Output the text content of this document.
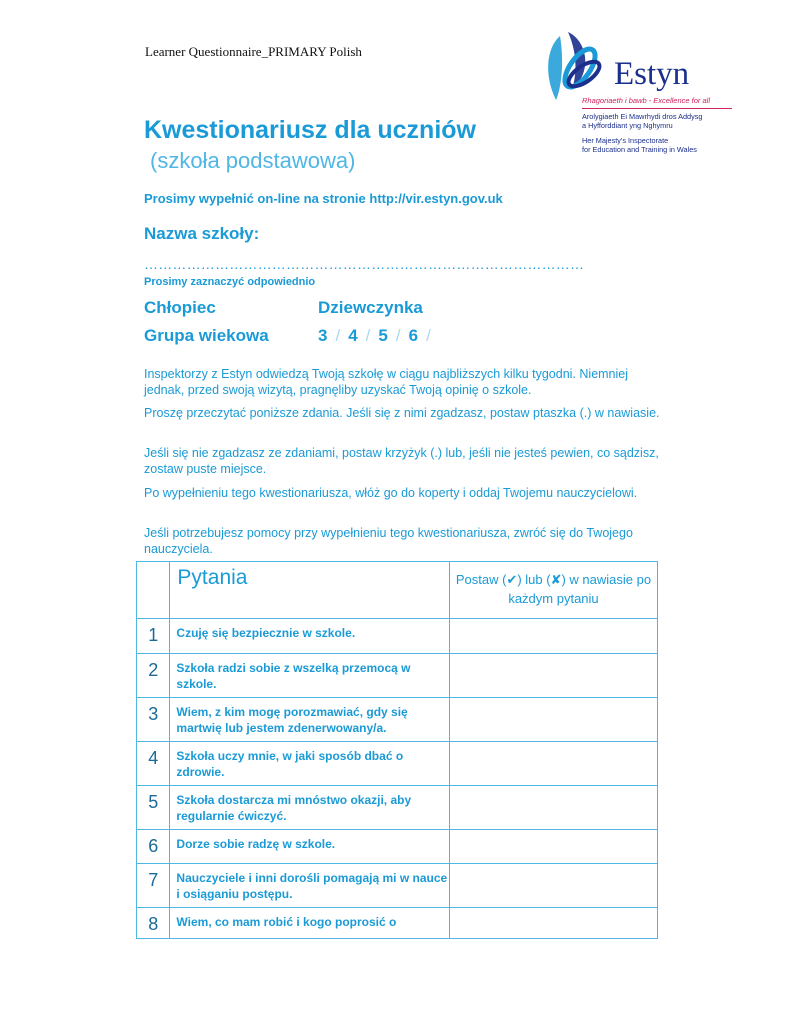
Learner Questionnaire_PRIMARY Polish
Estyn
Rhagoriaeth i bawb - Excellence for all
Arolygiaeth Ei Mawrhydi dros Addysg
a Hyfforddiant yng Nghymru
Her Majesty's Inspectorate
for Education and Training in Wales
Kwestionariusz dla uczniów
(szkoła podstawowa)
Prosimy wypełnić on-line na stronie http://vir.estyn.gov.uk
Nazwa szkoły:
…………………………………………………………………………………
Prosimy zaznaczyć odpowiednio
Chłopiec	Dziewczynka
Grupa wiekowa	3 / 4 / 5 / 6 /
Inspektorzy z Estyn odwiedzą Twoją szkołę w ciągu najbliższych kilku tygodni. Niemniej jednak, przed swoją wizytą, pragnęliby uzyskać Twoją opinię o szkole.
Proszę przeczytać poniższe zdania. Jeśli się z nimi zgadzasz, postaw ptaszka (.) w nawiasie.
Jeśli się nie zgadzasz ze zdaniami, postaw krzyżyk (.) lub, jeśli nie jesteś pewien, co sądzisz, zostaw puste miejsce.
Po wypełnieniu tego kwestionariusza, włóż go do koperty i oddaj Twojemu nauczycielowi.
Jeśli potrzebujesz pomocy przy wypełnieniu tego kwestionariusza, zwróć się do Twojego nauczyciela.
	Pytania	Postaw (✔) lub (✘) w nawiasie po każdym pytaniu
1	Czuję się bezpiecznie w szkole.	
2	Szkoła radzi sobie z wszelką przemocą w szkole.	
3	Wiem, z kim mogę porozmawiać, gdy się martwię lub jestem zdenerwowany/a.	
4	Szkoła uczy mnie, w jaki sposób dbać o zdrowie.	
5	Szkoła dostarcza mi mnóstwo okazji, aby regularnie ćwiczyć.	
6	Dorze sobie radzę w szkole.	
7	Nauczyciele i inni dorośli pomagają mi w nauce i osiąganiu postępu.	
8	Wiem, co mam robić i kogo poprosić o	
